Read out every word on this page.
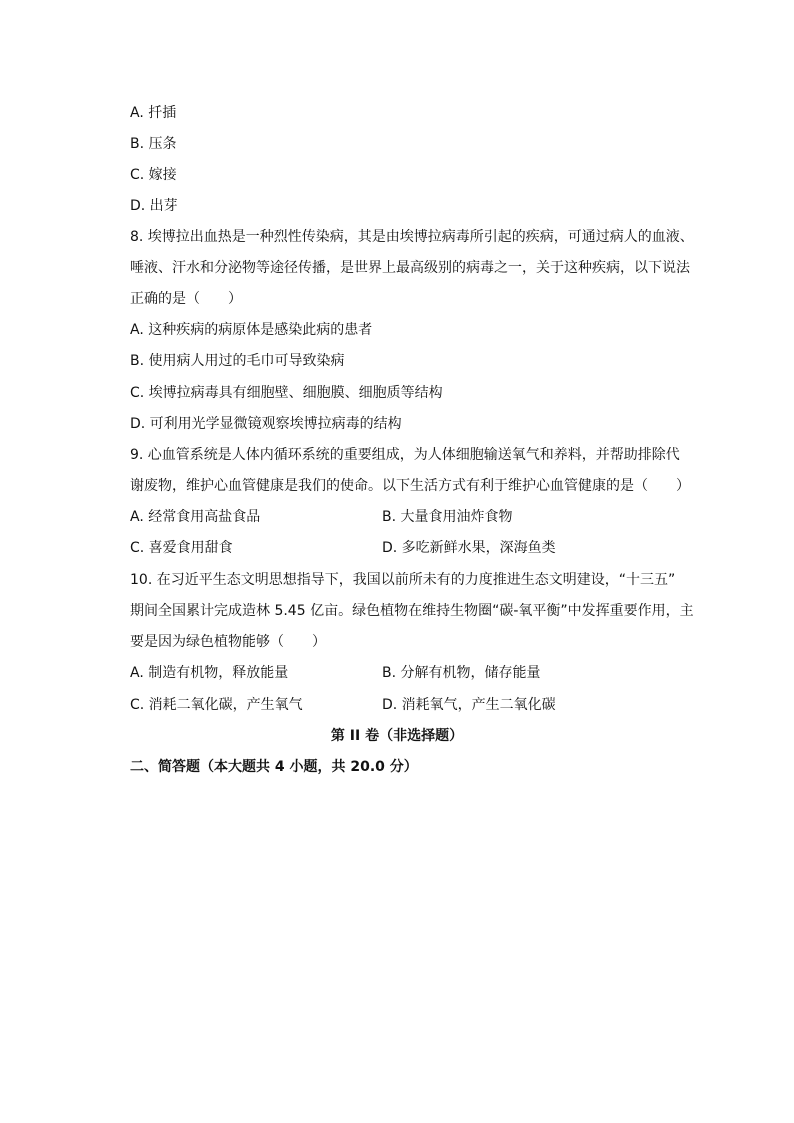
A. 扦插
B. 压条
C. 嫁接
D. 出芽
8. 埃博拉出血热是一种烈性传染病，其是由埃博拉病毒所引起的疾病，可通过病人的血液、
唾液、汗水和分泌物等途径传播，是世界上最高级别的病毒之一，关于这种疾病，以下说法
正确的是（　　）
A. 这种疾病的病原体是感染此病的患者
B. 使用病人用过的毛巾可导致染病
C. 埃博拉病毒具有细胞壁、细胞膜、细胞质等结构
D. 可利用光学显微镜观察埃博拉病毒的结构
9. 心血管系统是人体内循环系统的重要组成，为人体细胞输送氧气和养料，并帮助排除代
谢废物，维护心血管健康是我们的使命。以下生活方式有利于维护心血管健康的是（　　）
A. 经常食用高盐食品	B. 大量食用油炸食物
C. 喜爱食用甜食	D. 多吃新鲜水果，深海鱼类
10. 在习近平生态文明思想指导下，我国以前所未有的力度推进生态文明建设，“十三五”
期间全国累计完成造林 5.45 亿亩。绿色植物在维持生物圈“碳-氧平衡”中发挥重要作用，主
要是因为绿色植物能够（　　）
A. 制造有机物，释放能量	B. 分解有机物，储存能量
C. 消耗二氧化碳，产生氧气	D. 消耗氧气，产生二氧化碳
第 II 卷（非选择题）
二、简答题（本大题共 4 小题，共 20.0 分）
